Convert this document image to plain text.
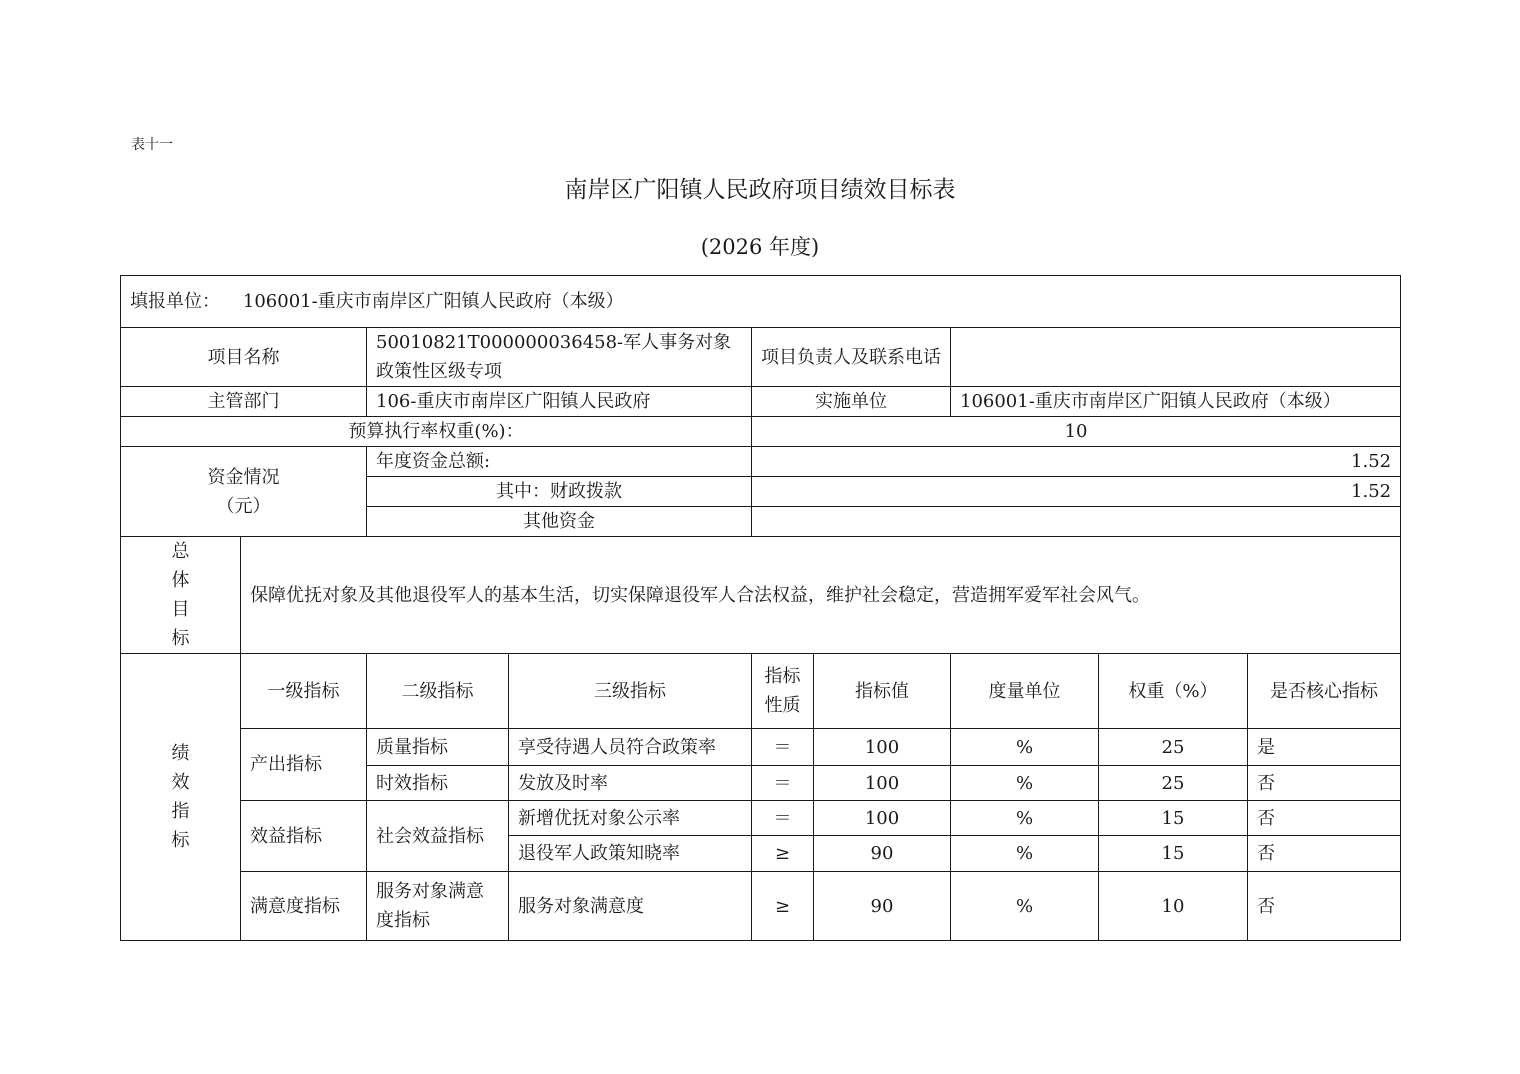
表十一
南岸区广阳镇人民政府项目绩效目标表
(2026 年度)
填报单位： 106001-重庆市南岸区广阳镇人民政府（本级）								
项目名称		50010821T000000036458-军人事务对象政策性区级专项		项目负责人及联系电话				
主管部门		106-重庆市南岸区广阳镇人民政府		实施单位		106001-重庆市南岸区广阳镇人民政府（本级）		
预算执行率权重(%)：				10				

资金情况
（元）		年度资金总额:		1.52				
		其中：财政拨款		1.52				
		其他资金						

总
体
目
标	保障优抚对象及其他退役军人的基本生活，切实保障退役军人合法权益，维护社会稳定，营造拥军爱军社会风气。							

绩
效
指
标	一级指标	二级指标	三级指标	指标性质	指标值	度量单位	权重（%）	是否核心指标
	产出指标	质量指标	享受待遇人员符合政策率	＝	100	%	25	是
		时效指标	发放及时率	＝	100	%	25	否
	效益指标	社会效益指标	新增优抚对象公示率	＝	100	%	15	否
			退役军人政策知晓率	≥	90	%	15	否
	满意度指标	服务对象满意度指标	服务对象满意度	≥	90	%	10	否
